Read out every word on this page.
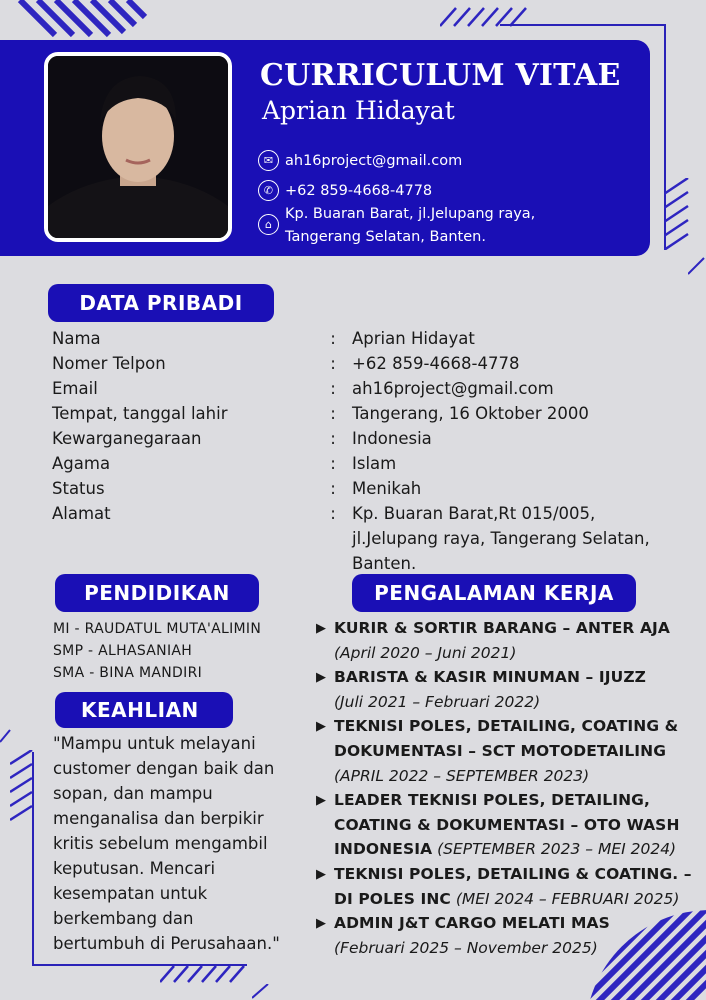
CURRICULUM VITAE
Aprian Hidayat
✉ ah16project@gmail.com
✆ +62 859-4668-4778
⌂
Kp. Buaran Barat, jl.Jelupang raya,
Tangerang Selatan, Banten.
DATA PRIBADI
Nama	: Aprian Hidayat
Nomer Telpon	: +62 859-4668-4778
Email	: ah16project@gmail.com
Tempat, tanggal lahir	: Tangerang, 16 Oktober 2000
Kewarganegaraan	: Indonesia
Agama	: Islam
Status	: Menikah
Alamat	: Kp. Buaran Barat,Rt 015/005,
jl.Jelupang raya, Tangerang Selatan,
Banten.
PENDIDIKAN
MI - RAUDATUL MUTA'ALIMIN
SMP - ALHASANIAH
SMA - BINA MANDIRI
KEAHLIAN
"Mampu untuk melayani
customer dengan baik dan
sopan, dan mampu
menganalisa dan berpikir
kritis sebelum mengambil
keputusan. Mencari
kesempatan untuk
berkembang dan
bertumbuh di Perusahaan."
PENGALAMAN KERJA
▶ KURIR & SORTIR BARANG – ANTER AJA
(April 2020 – Juni 2021)
▶ BARISTA & KASIR MINUMAN – IJUZZ
(Juli 2021 – Februari 2022)
▶ TEKNISI POLES, DETAILING, COATING & DOKUMENTASI – SCT MOTODETAILING
(APRIL 2022 – SEPTEMBER 2023)
▶ LEADER TEKNISI POLES, DETAILING, COATING & DOKUMENTASI – OTO WASH INDONESIA (SEPTEMBER 2023 – MEI 2024)
▶ TEKNISI POLES, DETAILING & COATING. – DI POLES INC (MEI 2024 – FEBRUARI 2025)
▶ ADMIN J&T CARGO MELATI MAS
(Februari 2025 – November 2025)
